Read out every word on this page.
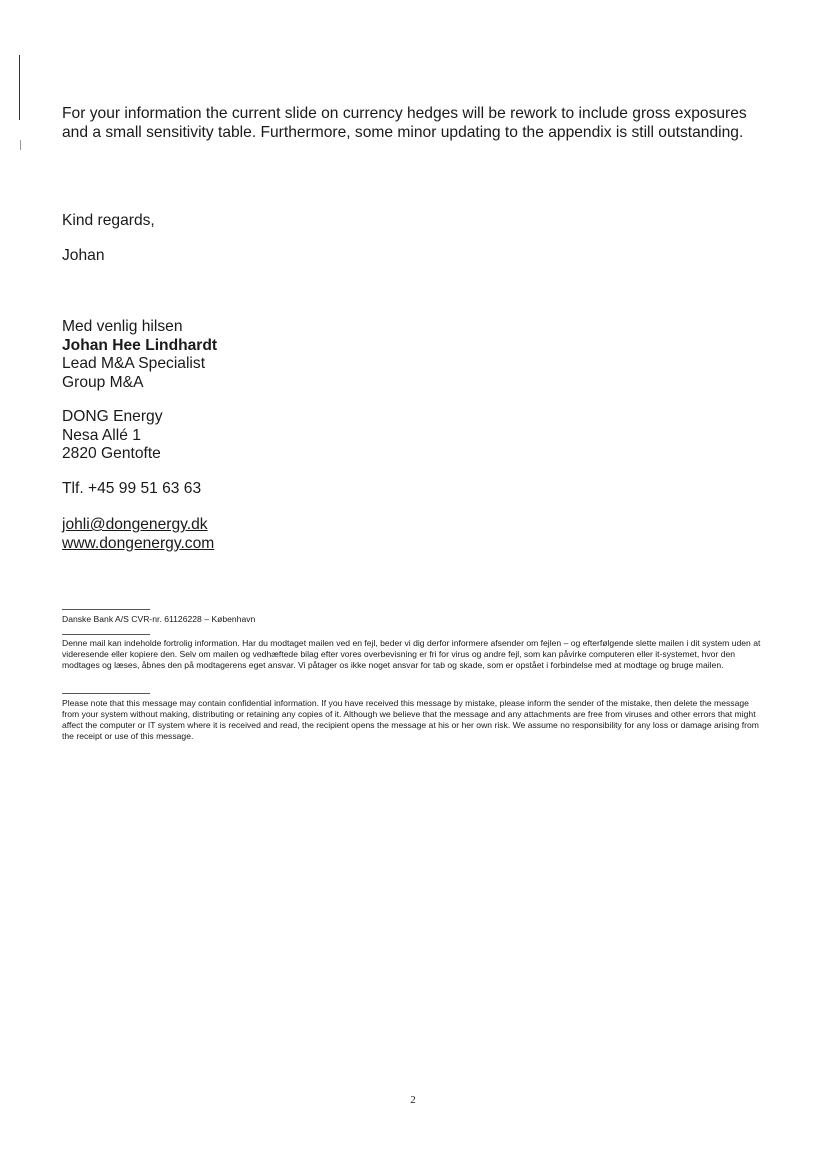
For your information the current slide on currency hedges will be rework to include gross exposures and a small sensitivity table. Furthermore, some minor updating to the appendix is still outstanding.

Kind regards,

Johan

Med venlig hilsen
Johan Hee Lindhardt
Lead M&A Specialist
Group M&A
DONG Energy
Nesa Allé 1
2820 Gentofte
Tlf. +45 99 51 63 63
johli@dongenergy.dk
www.dongenergy.com

Danske Bank A/S CVR-nr. 61126228 – København

Denne mail kan indeholde fortrolig information. Har du modtaget mailen ved en fejl, beder vi dig derfor informere afsender om fejlen – og efterfølgende slette mailen i dit system uden at videresende eller kopiere den. Selv om mailen og vedhæftede bilag efter vores overbevisning er fri for virus og andre fejl, som kan påvirke computeren eller it-systemet, hvor den modtages og læses, åbnes den på modtagerens eget ansvar. Vi påtager os ikke noget ansvar for tab og skade, som er opstået i forbindelse med at modtage og bruge mailen.

Please note that this message may contain confidential information. If you have received this message by mistake, please inform the sender of the mistake, then delete the message from your system without making, distributing or retaining any copies of it. Although we believe that the message and any attachments are free from viruses and other errors that might affect the computer or IT system where it is received and read, the recipient opens the message at his or her own risk. We assume no responsibility for any loss or damage arising from the receipt or use of this message.

2
